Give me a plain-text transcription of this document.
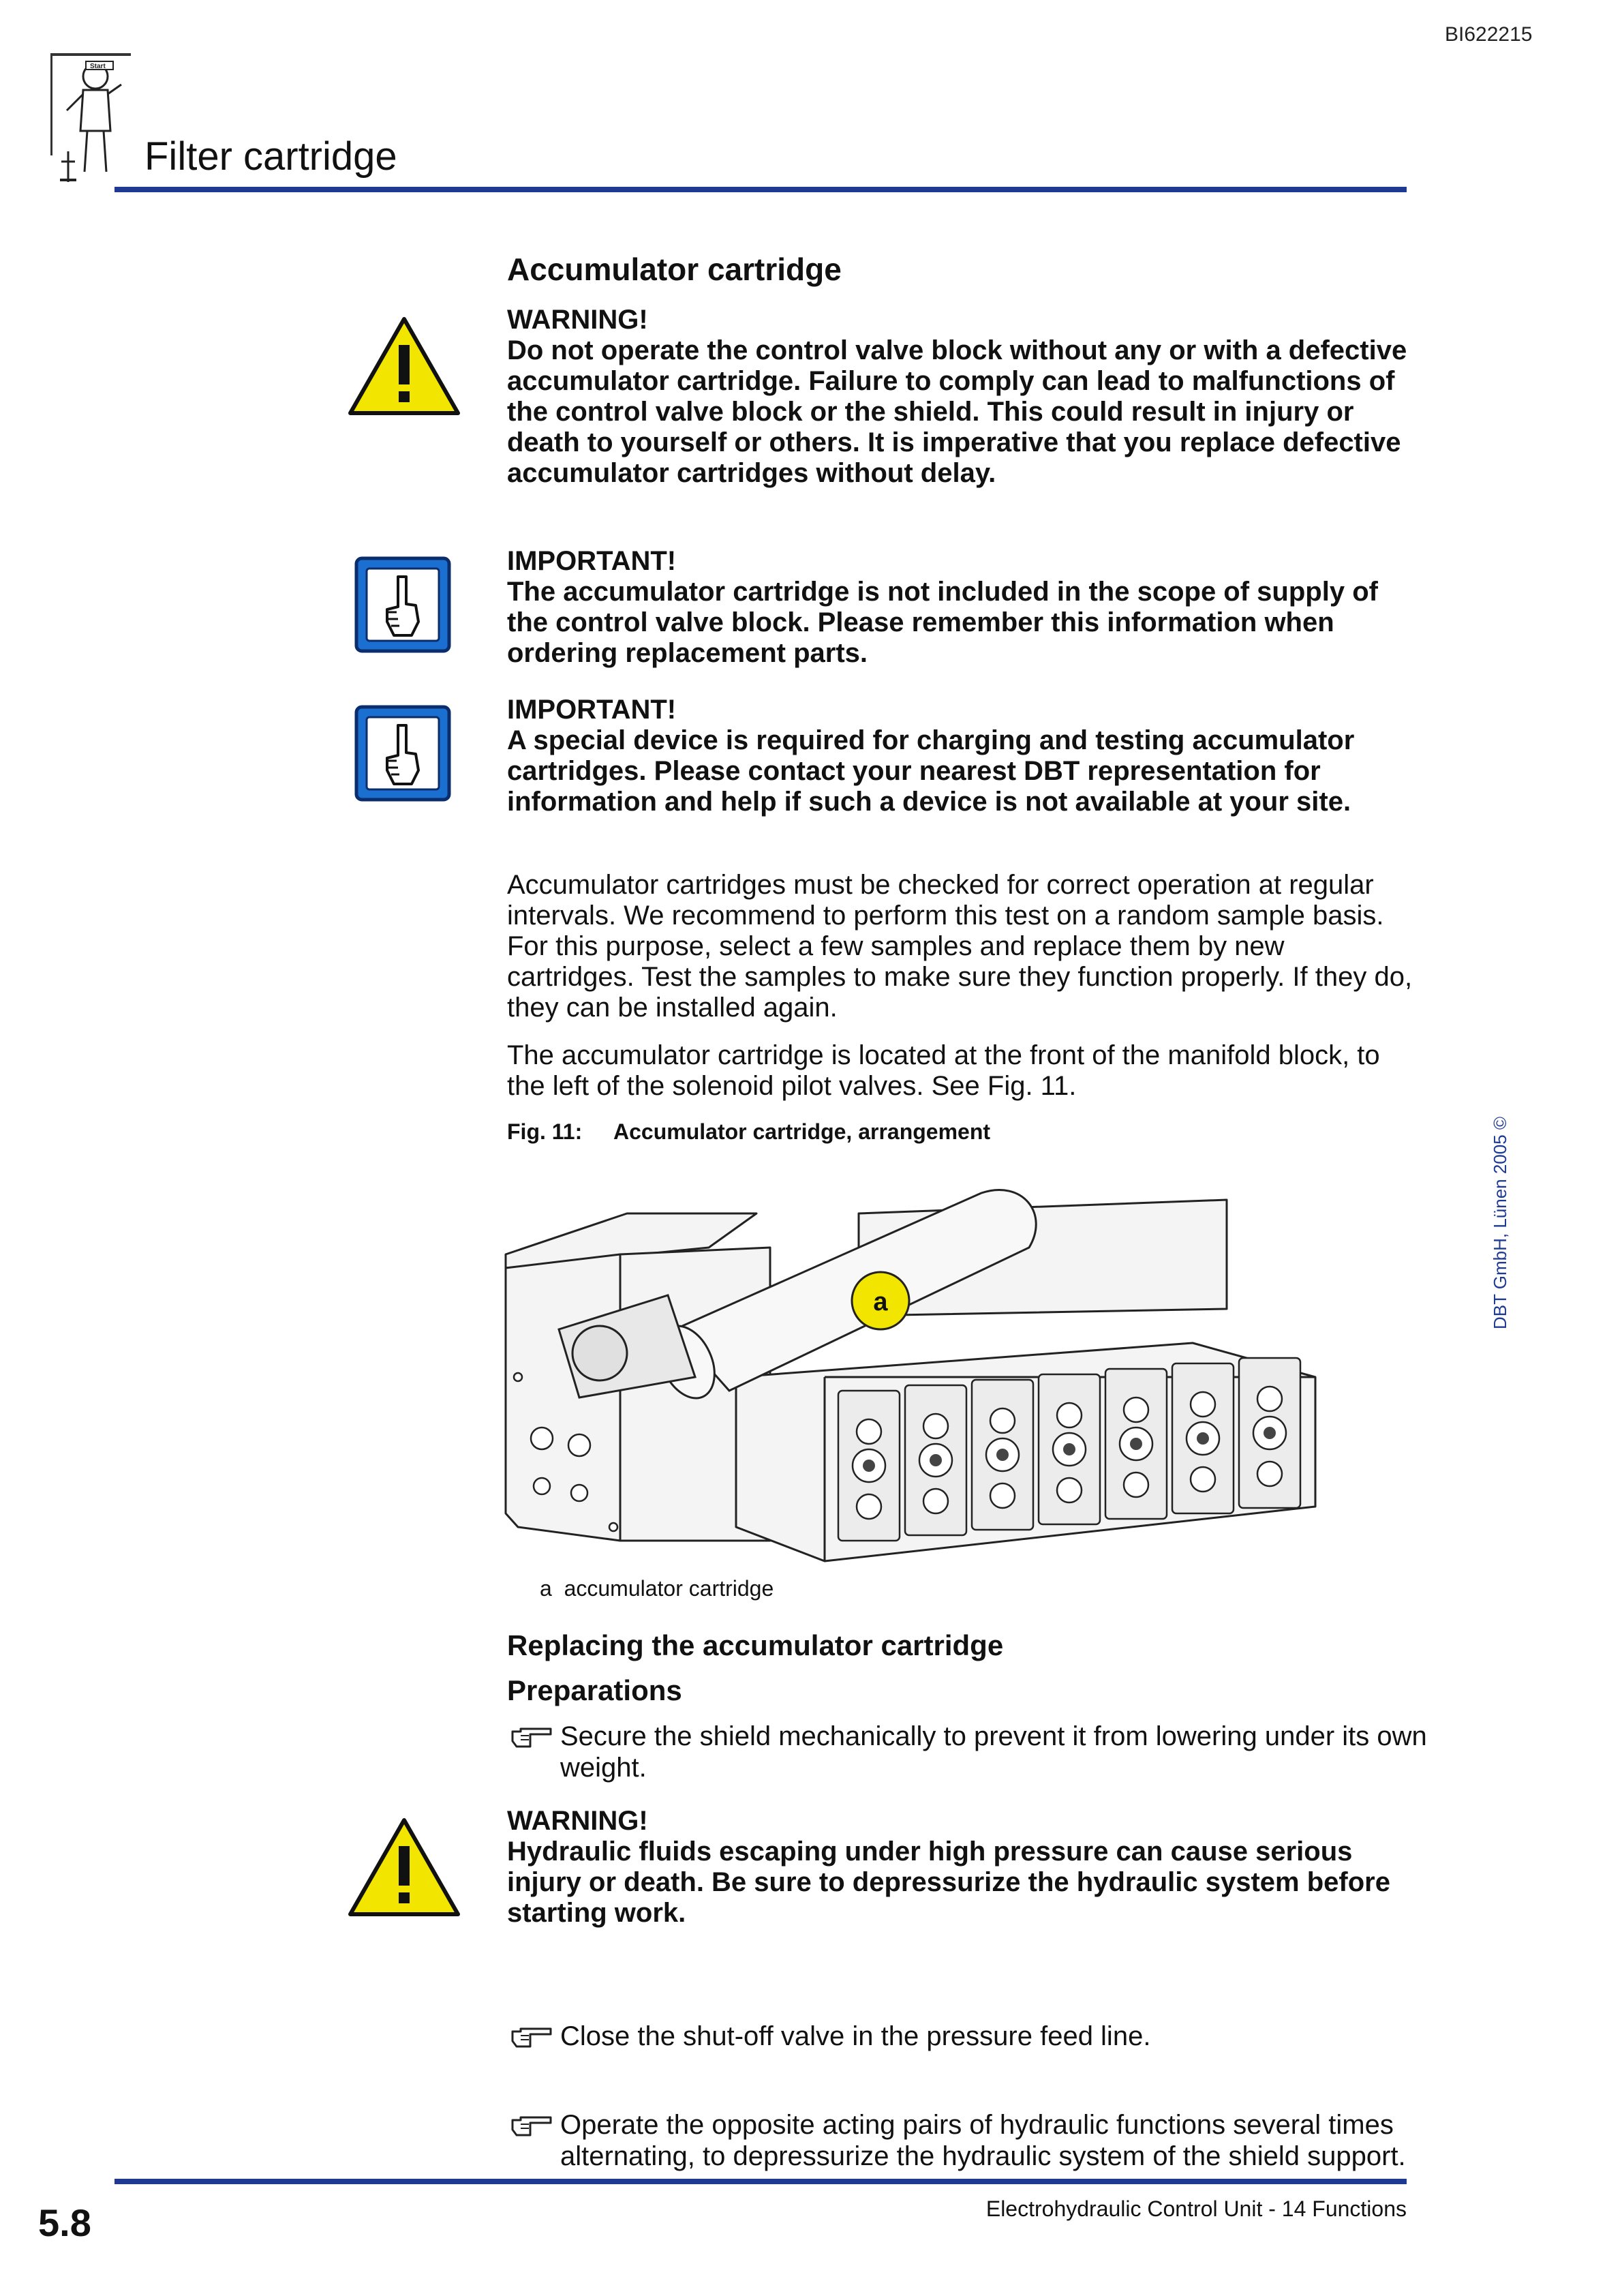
BI622215
Start
Filter cartridge
DBT GmbH, Lünen 2005 ©
Accumulator cartridge
WARNING!
Do not operate the control valve block without any or with a defective accumulator cartridge. Failure to comply can lead to malfunctions of the control valve block or the shield. This could result in injury or death to yourself or others. It is imperative that you replace defective accumulator cartridges without delay.
IMPORTANT!
The accumulator cartridge is not included in the scope of supply of the control valve block. Please remember this information when ordering replacement parts.
IMPORTANT!
A special device is required for charging and testing accumulator cartridges. Please contact your nearest DBT representation for information and help if such a device is not available at your site.
Accumulator cartridges must be checked for correct operation at regular intervals. We recommend to perform this test on a random sample basis. For this purpose, select a few samples and replace them by new cartridges. Test the samples to make sure they function properly. If they do, they can be installed again.
The accumulator cartridge is located at the front of the manifold block, to the left of the solenoid pilot valves. See Fig. 11.
Fig. 11: Accumulator cartridge, arrangement
a
a accumulator cartridge
Replacing the accumulator cartridge
Preparations
Secure the shield mechanically to prevent it from lowering under its own weight.
WARNING!
Hydraulic fluids escaping under high pressure can cause serious injury or death. Be sure to depressurize the hydraulic system before starting work.
Close the shut-off valve in the pressure feed line.
Operate the opposite acting pairs of hydraulic functions several times alternating, to depressurize the hydraulic system of the shield support.
5.8	Electrohydraulic Control Unit - 14 Functions
